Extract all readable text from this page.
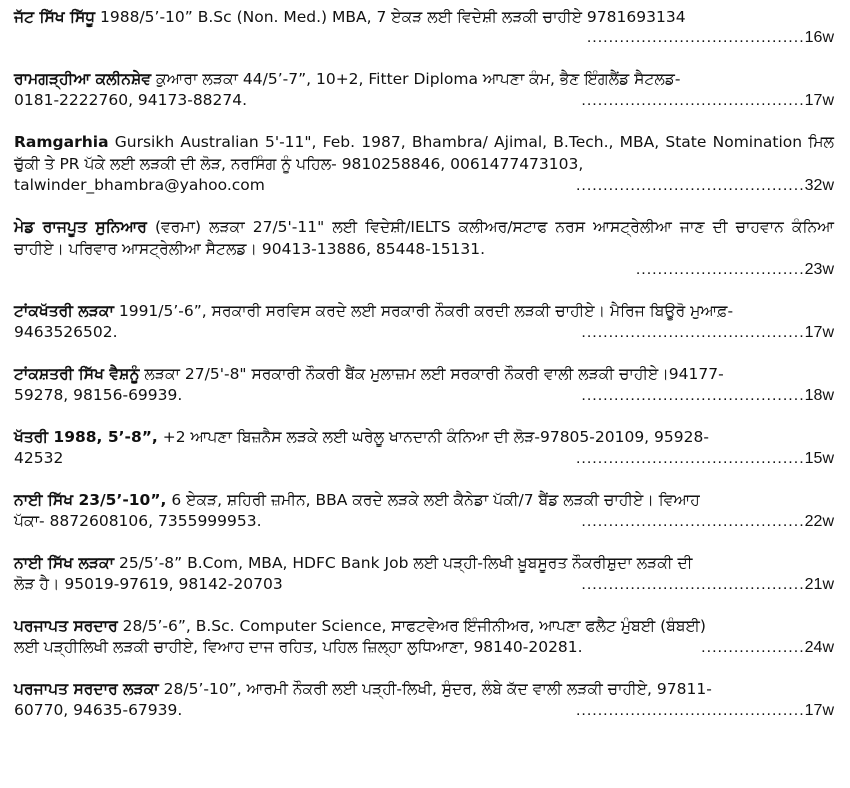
ਜੱਟ ਸਿੱਖ ਸਿੱਧੂ 1988/5’-10” B.Sc (Non. Med.) MBA, 7 ਏਕੜ ਲਈ ਵਿਦੇਸ਼ੀ ਲੜਕੀ ਚਾਹੀਏ 9781693134

........................................ 16w

ਰਾਮਗੜ੍ਹੀਆ ਕਲੀਨਸ਼ੇਵ ਕੁਆਰਾ ਲੜਕਾ 44/5’-7”, 10+2, Fitter Diploma ਆਪਣਾ ਕੰਮ, ਭੈਣ ਇੰਗਲੈਂਡ ਸੈਟਲਡ-

0181-2222760, 94173-88274.	......................................... 17w

Ramgarhia Gursikh Australian 5'-11", Feb. 1987, Bhambra/ Ajimal, B.Tech., MBA, State Nomination ਮਿਲ ਚੁੱਕੀ ਤੇ PR ਪੱਕੇ ਲਈ ਲੜਕੀ ਦੀ ਲੋੜ, ਨਰਸਿੰਗ ਨੂੰ ਪਹਿਲ- 9810258846, 0061477473103,

talwinder_bhambra@yahoo.com	.......................................... 32w

ਮੇਡ ਰਾਜਪੂਤ ਸੁਨਿਆਰ (ਵਰਮਾ) ਲੜਕਾ 27/5'-11" ਲਈ ਵਿਦੇਸ਼ੀ/IELTS ਕਲੀਅਰ/ਸਟਾਫ ਨਰਸ ਆਸਟ੍ਰੇਲੀਆ ਜਾਣ ਦੀ ਚਾਹਵਾਨ ਕੰਨਿਆ ਚਾਹੀਏ। ਪਰਿਵਾਰ ਆਸਟ੍ਰੇਲੀਆ ਸੈਟਲਡ। 90413-13886, 85448-15131.

............................... 23w

ਟਾਂਕਖੱਤਰੀ ਲੜਕਾ 1991/5’-6”, ਸਰਕਾਰੀ ਸਰਵਿਸ ਕਰਦੇ ਲਈ ਸਰਕਾਰੀ ਨੌਕਰੀ ਕਰਦੀ ਲੜਕੀ ਚਾਹੀਏ। ਮੈਰਿਜ ਬਿਊਰੋ ਮੁਆਫ਼-

9463526502.	......................................... 17w

ਟਾਂਕਸ਼ਤਰੀ ਸਿੱਖ ਵੈਸ਼ਨੂੰ ਲੜਕਾ 27/5'-8" ਸਰਕਾਰੀ ਨੌਕਰੀ ਬੈਂਕ ਮੁਲਾਜ਼ਮ ਲਈ ਸਰਕਾਰੀ ਨੌਕਰੀ ਵਾਲੀ ਲੜਕੀ ਚਾਹੀਏ।94177-

59278, 98156-69939.	......................................... 18w

ਖੱਤਰੀ 1988, 5’-8”, +2 ਆਪਣਾ ਬਿਜ਼ਨੈਸ ਲੜਕੇ ਲਈ ਘਰੇਲੂ ਖਾਨਦਾਨੀ ਕੰਨਿਆ ਦੀ ਲੋੜ-97805-20109, 95928-

42532	.......................................... 15w

ਨਾਈ ਸਿੱਖ 23/5’-10”, 6 ਏਕੜ, ਸ਼ਹਿਰੀ ਜ਼ਮੀਨ, BBA ਕਰਦੇ ਲੜਕੇ ਲਈ ਕੈਨੇਡਾ ਪੱਕੀ/7 ਬੈਂਡ ਲੜਕੀ ਚਾਹੀਏ। ਵਿਆਹ

ਪੱਕਾ- 8872608106, 7355999953.	......................................... 22w

ਨਾਈ ਸਿੱਖ ਲੜਕਾ 25/5’-8” B.Com, MBA, HDFC Bank Job ਲਈ ਪੜ੍ਹੀ-ਲਿਖੀ ਖ਼ੂਬਸੂਰਤ ਨੌਕਰੀਸ਼ੁਦਾ ਲੜਕੀ ਦੀ

ਲੋੜ ਹੈ। 95019-97619, 98142-20703	......................................... 21w

ਪਰਜਾਪਤ ਸਰਦਾਰ 28/5’-6”, B.Sc. Computer Science, ਸਾਫਟਵੇਅਰ ਇੰਜੀਨੀਅਰ, ਆਪਣਾ ਫਲੈਟ ਮੁੰਬਈ (ਬੰਬਈ)

ਲਈ ਪੜ੍ਹੀਲਿਖੀ ਲੜਕੀ ਚਾਹੀਏ, ਵਿਆਹ ਦਾਜ ਰਹਿਤ, ਪਹਿਲ ਜ਼ਿਲ੍ਹਾ ਲੁਧਿਆਣਾ, 98140-20281.	................... 24w

ਪਰਜਾਪਤ ਸਰਦਾਰ ਲੜਕਾ 28/5’-10”, ਆਰਮੀ ਨੌਕਰੀ ਲਈ ਪੜ੍ਹੀ-ਲਿਖੀ, ਸੁੰਦਰ, ਲੰਬੇ ਕੱਦ ਵਾਲੀ ਲੜਕੀ ਚਾਹੀਏ, 97811-

60770, 94635-67939.	.......................................... 17w
